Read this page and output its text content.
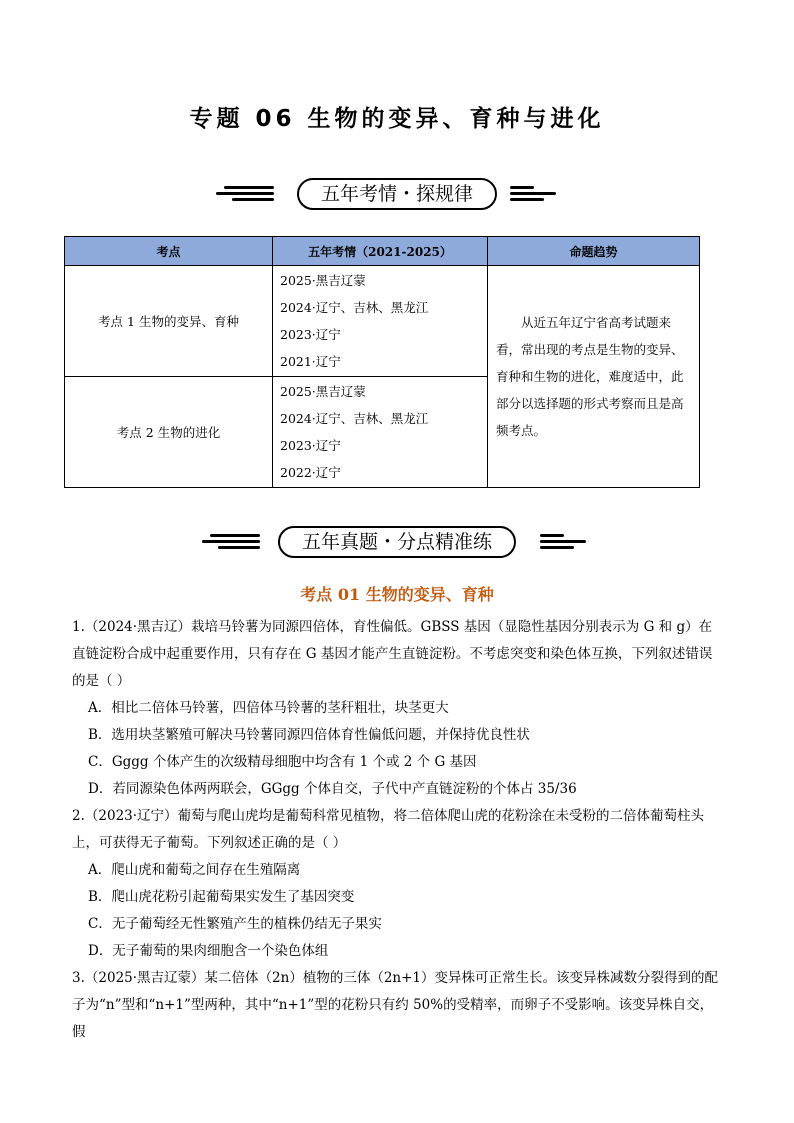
专题 06 生物的变异、育种与进化
五年考情・探规律
考点	五年考情（2021-2025）	命题趋势
考点 1 生物的变异、育种	2025·黑吉辽蒙
2024·辽宁、吉林、黑龙江
2023·辽宁
2021·辽宁	从近五年辽宁省高考试题来看，常出现的考点是生物的变异、育种和生物的进化，难度适中，此部分以选择题的形式考察而且是高频考点。
考点 2 生物的进化	2025·黑吉辽蒙
2024·辽宁、吉林、黑龙江
2023·辽宁
2022·辽宁	
五年真题・分点精准练
考点 01 生物的变异、育种

1.（2024·黑吉辽）栽培马铃薯为同源四倍体，育性偏低。GBSS 基因（显隐性基因分别表示为 G 和 g）在直链淀粉合成中起重要作用，只有存在 G 基因才能产生直链淀粉。不考虑突变和染色体互换，下列叙述错误的是（ ）

A．相比二倍体马铃薯，四倍体马铃薯的茎秆粗壮，块茎更大

B．选用块茎繁殖可解决马铃薯同源四倍体育性偏低问题，并保持优良性状

C．Gggg 个体产生的次级精母细胞中均含有 1 个或 2 个 G 基因

D．若同源染色体两两联会，GGgg 个体自交，子代中产直链淀粉的个体占 35/36

2.（2023·辽宁）葡萄与爬山虎均是葡萄科常见植物，将二倍体爬山虎的花粉涂在未受粉的二倍体葡萄柱头上，可获得无子葡萄。下列叙述正确的是（ ）

A．爬山虎和葡萄之间存在生殖隔离

B．爬山虎花粉引起葡萄果实发生了基因突变

C．无子葡萄经无性繁殖产生的植株仍结无子果实

D．无子葡萄的果肉细胞含一个染色体组

3.（2025·黑吉辽蒙）某二倍体（2n）植物的三体（2n+1）变异株可正常生长。该变异株减数分裂得到的配子为“n”型和“n+1”型两种，其中“n+1”型的花粉只有约 50%的受精率，而卵子不受影响。该变异株自交，假
